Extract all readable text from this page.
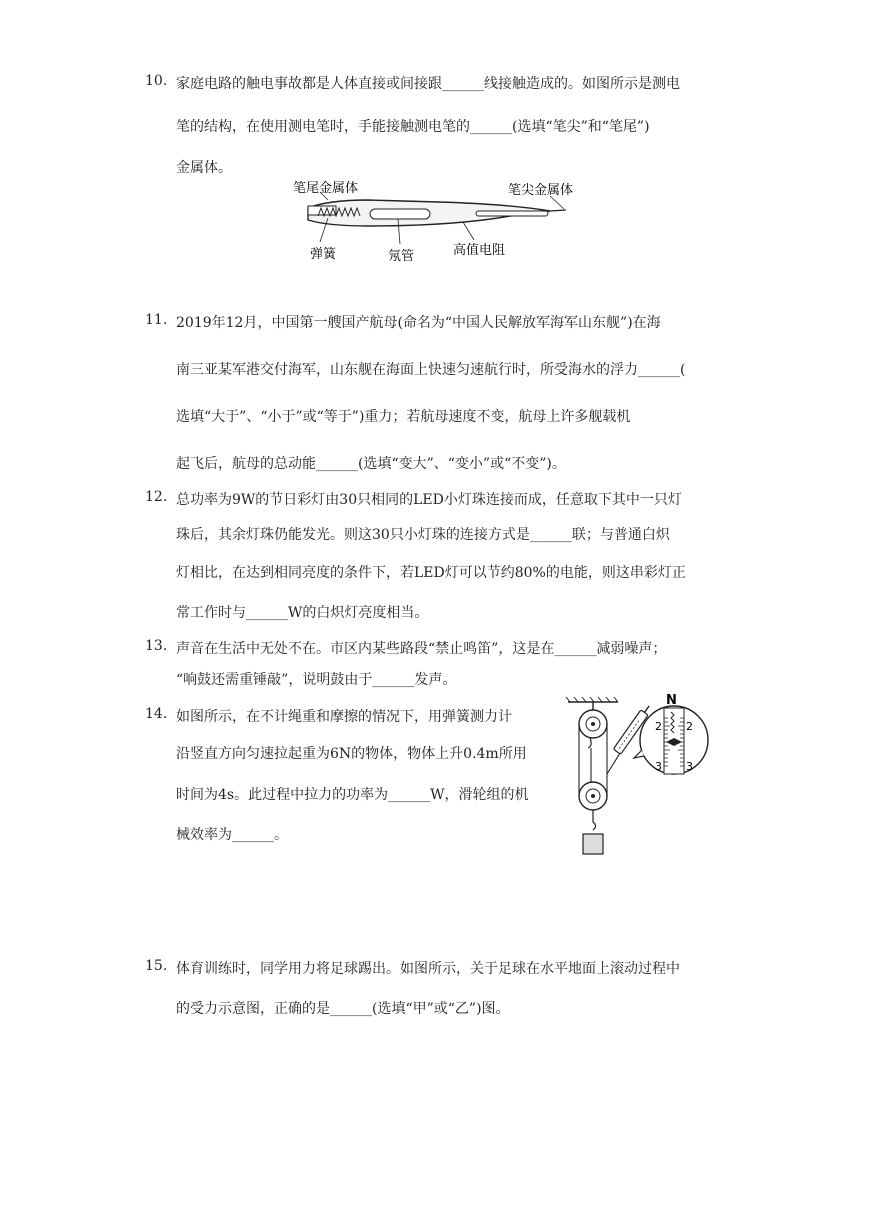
10. 家庭电路的触电事故都是人体直接或间接跟______线接触造成的。如图所示是测电
笔的结构，在使用测电笔时，手能接触测电笔的______(选填“笔尖”和“笔尾”)
金属体。
笔尾金属体	笔尖金属体
弹簧	氖管	高值电阻
11. 2019年12月，中国第一艘国产航母(命名为“中国人民解放军海军山东舰”)在海
南三亚某军港交付海军，山东舰在海面上快速匀速航行时，所受海水的浮力______(
选填“大于”、“小于”或“等于”)重力；若航母速度不变，航母上许多舰载机
起飞后，航母的总动能______(选填“变大”、“变小”或“不变”)。
12. 总功率为9W的节日彩灯由30只相同的LED小灯珠连接而成，任意取下其中一只灯
珠后，其余灯珠仍能发光。则这30只小灯珠的连接方式是______联；与普通白炽
灯相比，在达到相同亮度的条件下，若LED灯可以节约80%的电能，则这串彩灯正
常工作时与______W的白炽灯亮度相当。
13. 声音在生活中无处不在。市区内某些路段“禁止鸣笛”，这是在______减弱噪声；
“响鼓还需重锤敲”，说明鼓由于______发声。
14. 如图所示，在不计绳重和摩擦的情况下，用弹簧测力计
沿竖直方向匀速拉起重为6N的物体，物体上升0.4m所用
时间为4s。此过程中拉力的功率为______W，滑轮组的机
械效率为______。
N
2 2
3 3
15. 体育训练时，同学用力将足球踢出。如图所示，关于足球在水平地面上滚动过程中
的受力示意图，正确的是______(选填“甲”或“乙”)图。
